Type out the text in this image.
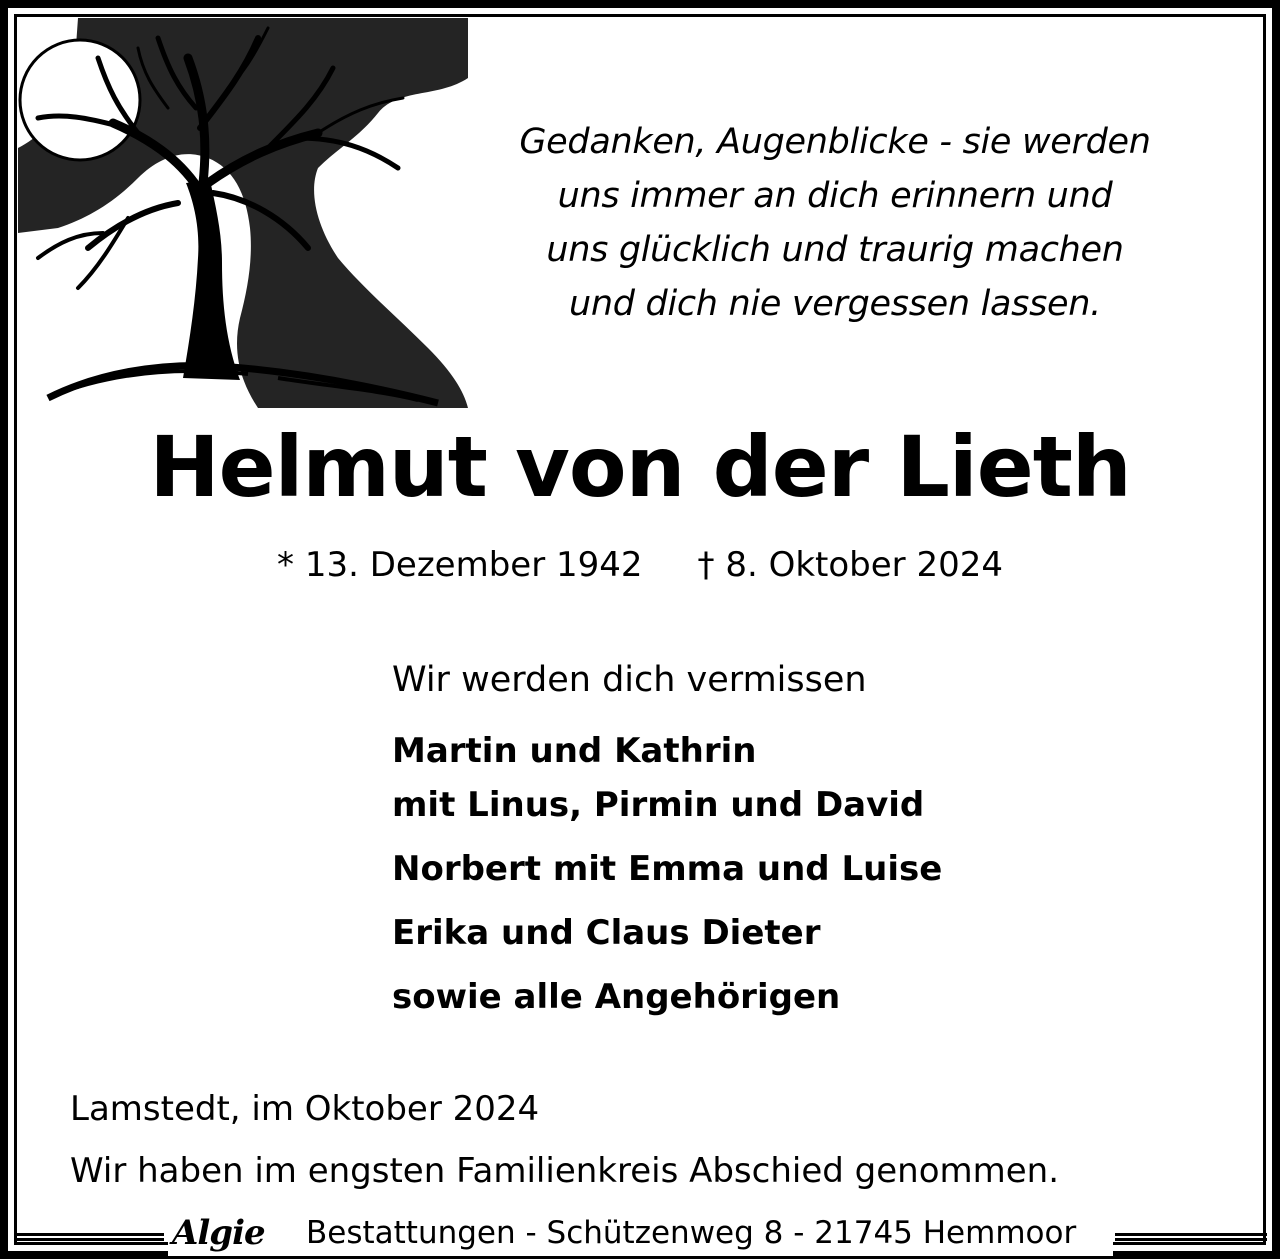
Gedanken, Augenblicke - sie werden
uns immer an dich erinnern und
uns glücklich und traurig machen
und dich nie vergessen lassen.
Helmut von der Lieth
* 13. Dezember 1942 † 8. Oktober 2024
Wir werden dich vermissen
Martin und Kathrin
mit Linus, Pirmin und David
Norbert mit Emma und Luise
Erika und Claus Dieter
sowie alle Angehörigen
Lamstedt, im Oktober 2024
Wir haben im engsten Familienkreis Abschied genommen.
Algie Bestattungen - Schützenweg 8 - 21745 Hemmoor
